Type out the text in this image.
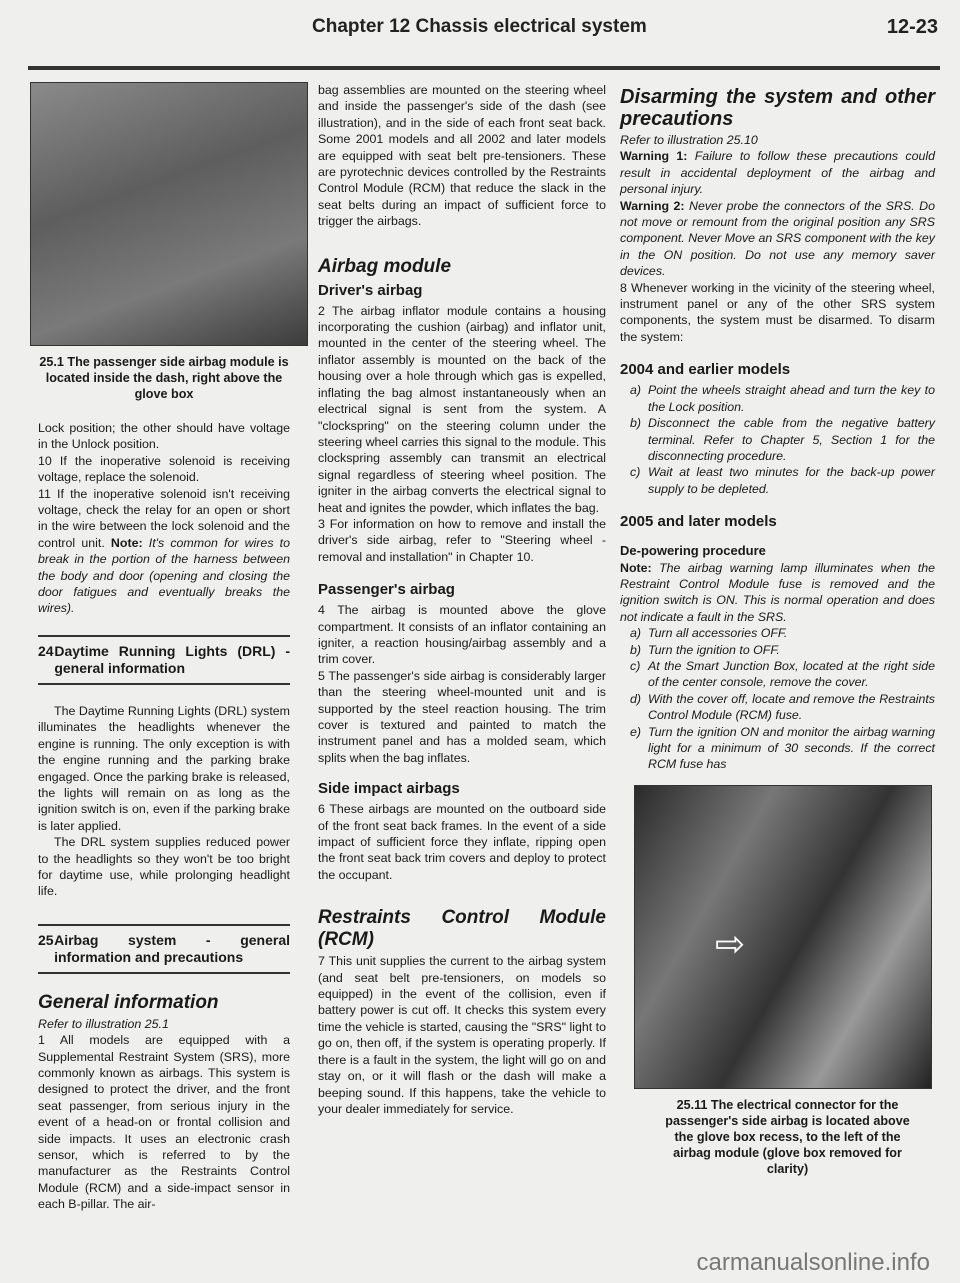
Chapter 12 Chassis electrical system	12-23
25.1 The passenger side airbag module is located inside the dash, right above the glove box

Lock position; the other should have voltage in the Unlock position.

10 If the inoperative solenoid is receiving voltage, replace the solenoid.

11 If the inoperative solenoid isn't receiving voltage, check the relay for an open or short in the wire between the lock solenoid and the control unit. Note: It's common for wires to break in the portion of the harness between the body and door (opening and closing the door fatigues and eventually breaks the wires).

24 Daytime Running Lights (DRL) - general information

The Daytime Running Lights (DRL) system illuminates the headlights whenever the engine is running. The only exception is with the engine running and the parking brake engaged. Once the parking brake is released, the lights will remain on as long as the ignition switch is on, even if the parking brake is later applied.

The DRL system supplies reduced power to the headlights so they won't be too bright for daytime use, while prolonging headlight life.

25 Airbag system - general information and precautions
General information

Refer to illustration 25.1

1 All models are equipped with a Supplemental Restraint System (SRS), more commonly known as airbags. This system is designed to protect the driver, and the front seat passenger, from serious injury in the event of a head-on or frontal collision and side impacts. It uses an electronic crash sensor, which is referred to by the manufacturer as the Restraints Control Module (RCM) and a side-impact sensor in each B-pillar. The air-

bag assemblies are mounted on the steering wheel and inside the passenger's side of the dash (see illustration), and in the side of each front seat back. Some 2001 models and all 2002 and later models are equipped with seat belt pre-tensioners. These are pyrotechnic devices controlled by the Restraints Control Module (RCM) that reduce the slack in the seat belts during an impact of sufficient force to trigger the airbags.

Airbag module
Driver's airbag

2 The airbag inflator module contains a housing incorporating the cushion (airbag) and inflator unit, mounted in the center of the steering wheel. The inflator assembly is mounted on the back of the housing over a hole through which gas is expelled, inflating the bag almost instantaneously when an electrical signal is sent from the system. A "clockspring" on the steering column under the steering wheel carries this signal to the module. This clockspring assembly can transmit an electrical signal regardless of steering wheel position. The igniter in the airbag converts the electrical signal to heat and ignites the powder, which inflates the bag.

3 For information on how to remove and install the driver's side airbag, refer to "Steering wheel - removal and installation" in Chapter 10.

Passenger's airbag

4 The airbag is mounted above the glove compartment. It consists of an inflator containing an igniter, a reaction housing/airbag assembly and a trim cover.

5 The passenger's side airbag is considerably larger than the steering wheel-mounted unit and is supported by the steel reaction housing. The trim cover is textured and painted to match the instrument panel and has a molded seam, which splits when the bag inflates.

Side impact airbags

6 These airbags are mounted on the outboard side of the front seat back frames. In the event of a side impact of sufficient force they inflate, ripping open the front seat back trim covers and deploy to protect the occupant.

Restraints Control Module (RCM)

7 This unit supplies the current to the airbag system (and seat belt pre-tensioners, on models so equipped) in the event of the collision, even if battery power is cut off. It checks this system every time the vehicle is started, causing the "SRS" light to go on, then off, if the system is operating properly. If there is a fault in the system, the light will go on and stay on, or it will flash or the dash will make a beeping sound. If this happens, take the vehicle to your dealer immediately for service.

Disarming the system and other precautions

Refer to illustration 25.10

Warning 1: Failure to follow these precautions could result in accidental deployment of the airbag and personal injury.

Warning 2: Never probe the connectors of the SRS. Do not move or remount from the original position any SRS component. Never Move an SRS component with the key in the ON position. Do not use any memory saver devices.

8 Whenever working in the vicinity of the steering wheel, instrument panel or any of the other SRS system components, the system must be disarmed. To disarm the system:

2004 and earlier models
a) Point the wheels straight ahead and turn the key to the Lock position.
b) Disconnect the cable from the negative battery terminal. Refer to Chapter 5, Section 1 for the disconnecting procedure.
c) Wait at least two minutes for the back-up power supply to be depleted.
2005 and later models
De-powering procedure

Note: The airbag warning lamp illuminates when the Restraint Control Module fuse is removed and the ignition switch is ON. This is normal operation and does not indicate a fault in the SRS.

a) Turn all accessories OFF.
b) Turn the ignition to OFF.
c) At the Smart Junction Box, located at the right side of the center console, remove the cover.
d) With the cover off, locate and remove the Restraints Control Module (RCM) fuse.
e) Turn the ignition ON and monitor the airbag warning light for a minimum of 30 seconds. If the correct RCM fuse has
⇨
25.11 The electrical connector for the passenger's side airbag is located above the glove box recess, to the left of the airbag module (glove box removed for clarity)
carmanualsonline.info
